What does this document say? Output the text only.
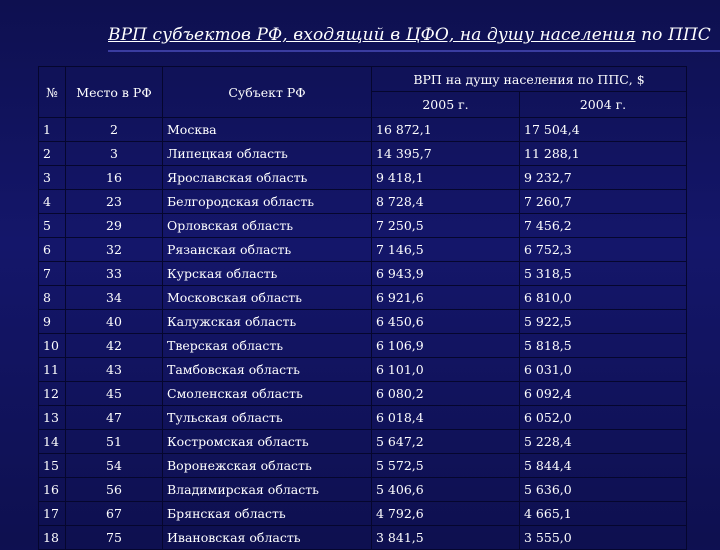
ВРП субъектов РФ, входящий в ЦФО, на душу населения по ППС
№	Место в РФ	Субъект РФ	ВРП на душу населения по ППС, $	
			2005 г.	2004 г.
1	2	Москва	16 872,1	17 504,4
2	3	Липецкая область	14 395,7	11 288,1
3	16	Ярославская область	9 418,1	9 232,7
4	23	Белгородская область	8 728,4	7 260,7
5	29	Орловская область	7 250,5	7 456,2
6	32	Рязанская область	7 146,5	6 752,3
7	33	Курская область	6 943,9	5 318,5
8	34	Московская область	6 921,6	6 810,0
9	40	Калужская область	6 450,6	5 922,5
10	42	Тверская область	6 106,9	5 818,5
11	43	Тамбовская область	6 101,0	6 031,0
12	45	Смоленская область	6 080,2	6 092,4
13	47	Тульская область	6 018,4	6 052,0
14	51	Костромская область	5 647,2	5 228,4
15	54	Воронежская область	5 572,5	5 844,4
16	56	Владимирская область	5 406,6	5 636,0
17	67	Брянская область	4 792,6	4 665,1
18	75	Ивановская область	3 841,5	3 555,0
